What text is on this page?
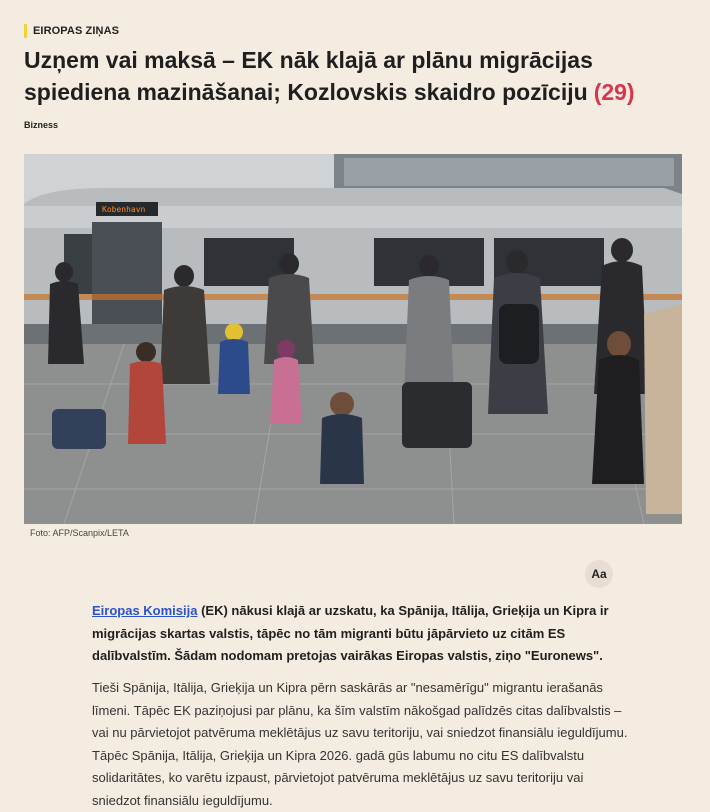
EIROPAS ZIŅAS
Uzņem vai maksā – EK nāk klajā ar plānu migrācijas spiediena mazināšanai; Kozlovskis skaidro pozīciju (29)
Bizness
Kobenhavn
Foto: AFP/Scanpix/LETA
Aa

Eiropas Komisija (EK) nākusi klajā ar uzskatu, ka Spānija, Itālija, Grieķija un Kipra ir migrācijas skartas valstis, tāpēc no tām migranti būtu jāpārvieto uz citām ES dalībvalstīm. Šādam nodomam pretojas vairākas Eiropas valstis, ziņo "Euronews".

Tieši Spānija, Itālija, Grieķija un Kipra pērn saskārās ar "nesamērīgu" migrantu ierašanās līmeni. Tāpēc EK paziņojusi par plānu, ka šīm valstīm nākošgad palīdzēs citas dalībvalstis – vai nu pārvietojot patvēruma meklētājus uz savu teritoriju, vai sniedzot finansiālu ieguldījumu. Tāpēc Spānija, Itālija, Grieķija un Kipra 2026. gadā gūs labumu no citu ES dalībvalstu solidaritātes, ko varētu izpaust, pārvietojot patvēruma meklētājus uz savu teritoriju vai sniedzot finansiālu ieguldījumu.
